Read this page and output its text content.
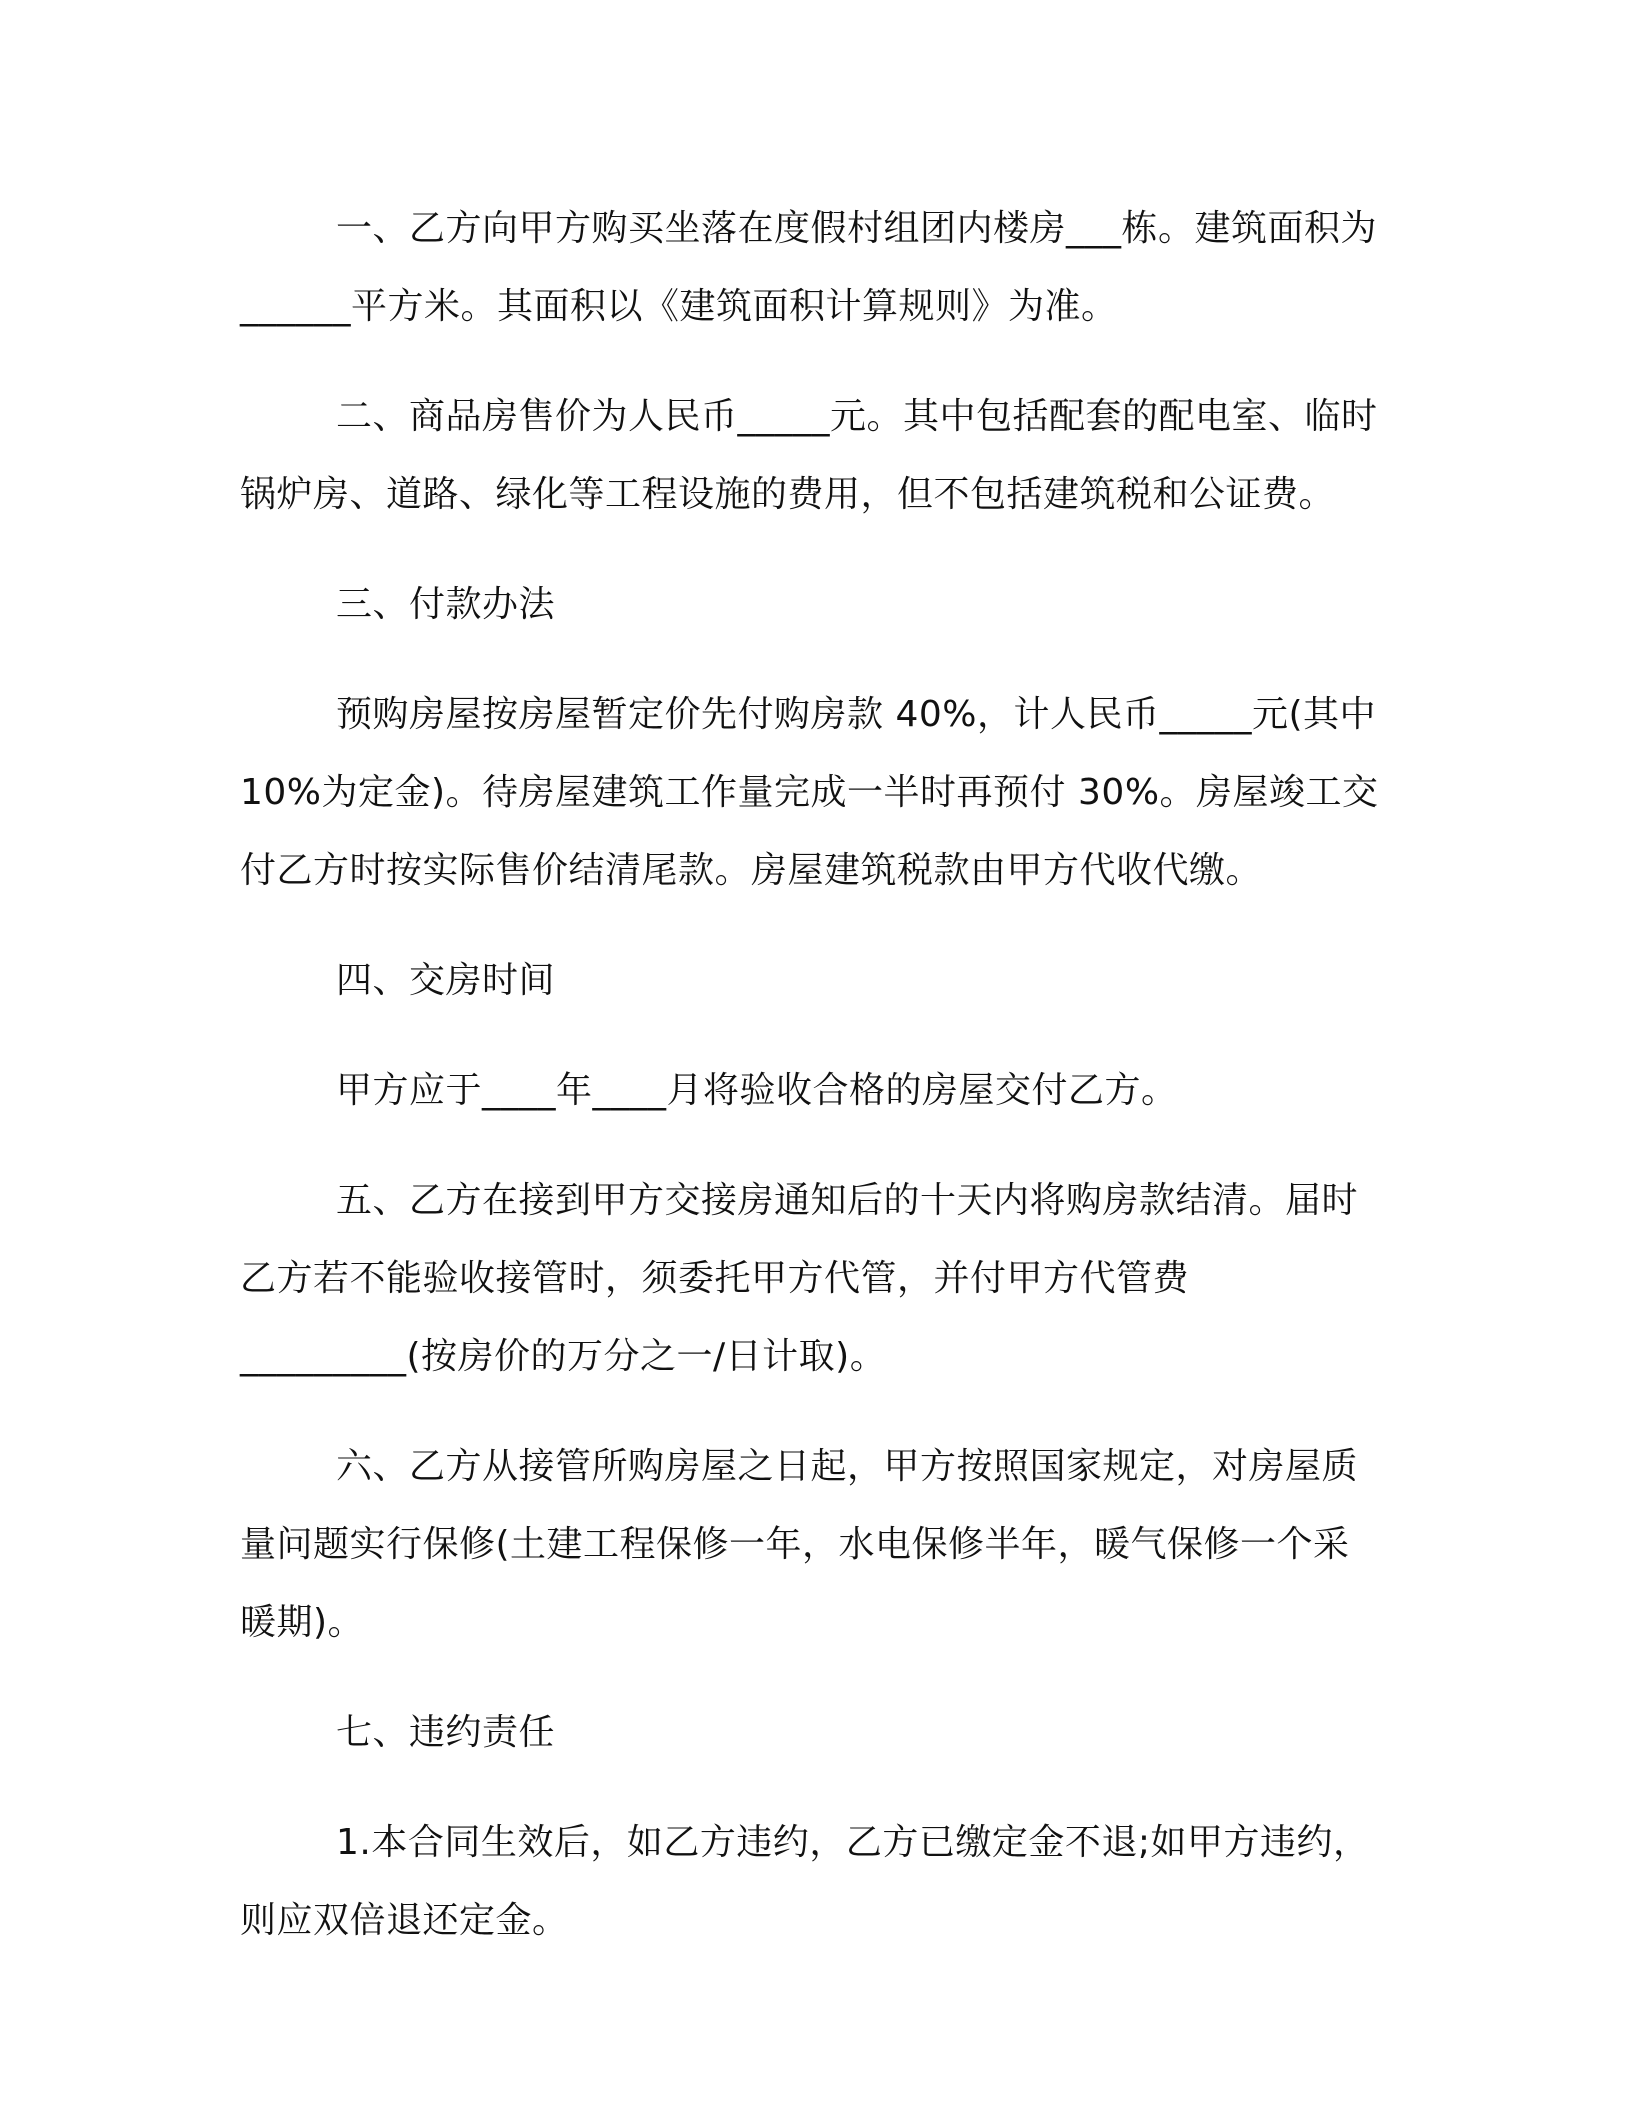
一、乙方向甲方购买坐落在度假村组团内楼房___栋。建筑面积为______平方米。其面积以《建筑面积计算规则》为准。

二、商品房售价为人民币_____元。其中包括配套的配电室、临时锅炉房、道路、绿化等工程设施的费用，但不包括建筑税和公证费。

三、付款办法

预购房屋按房屋暂定价先付购房款 40%，计人民币_____元(其中 10%为定金)。待房屋建筑工作量完成一半时再预付 30%。房屋竣工交付乙方时按实际售价结清尾款。房屋建筑税款由甲方代收代缴。

四、交房时间

甲方应于____年____月将验收合格的房屋交付乙方。

五、乙方在接到甲方交接房通知后的十天内将购房款结清。届时乙方若不能验收接管时，须委托甲方代管，并付甲方代管费

_________(按房价的万分之一/日计取)。

六、乙方从接管所购房屋之日起，甲方按照国家规定，对房屋质量问题实行保修(土建工程保修一年，水电保修半年，暖气保修一个采暖期)。

七、违约责任

1.本合同生效后，如乙方违约，乙方已缴定金不退;如甲方违约，则应双倍退还定金。
